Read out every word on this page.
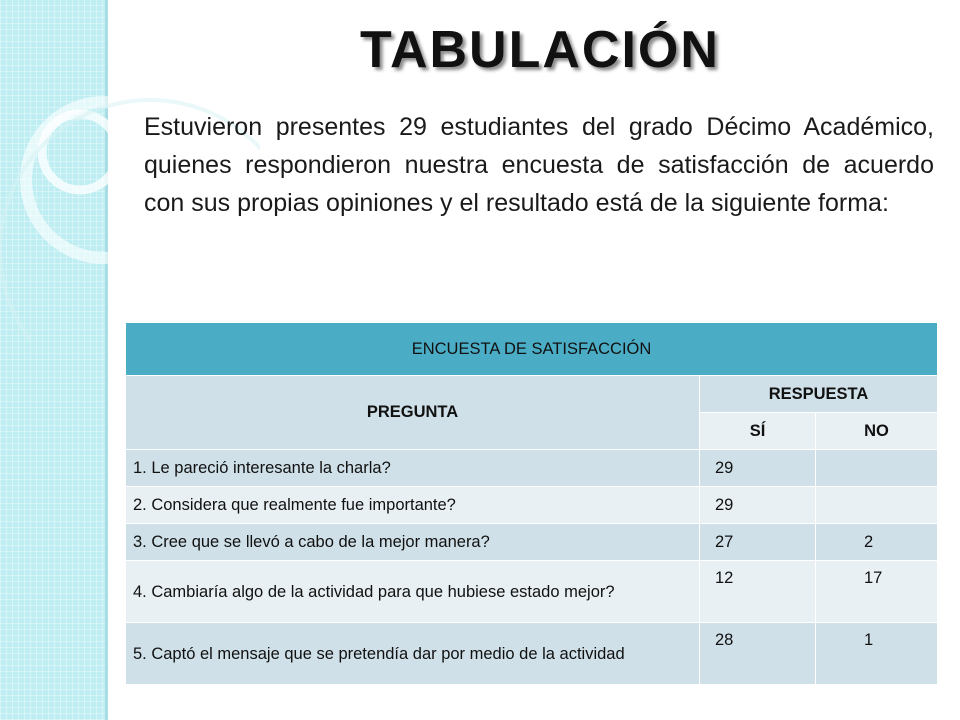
TABULACIÓN
Estuvieron presentes 29 estudiantes del grado Décimo Académico, quienes respondieron nuestra encuesta de satisfacción de acuerdo con sus propias opiniones y el resultado está de la siguiente forma:
ENCUESTA DE SATISFACCIÓN		
PREGUNTA	RESPUESTA	
	SÍ	NO
1. Le pareció interesante la charla?	29	
2. Considera que realmente fue importante?	29	
3. Cree que se llevó a cabo de la mejor manera?	27	2
4. Cambiaría algo de la actividad para que hubiese estado mejor?	12	17
5. Captó el mensaje que se pretendía dar por medio de la actividad	28	1
